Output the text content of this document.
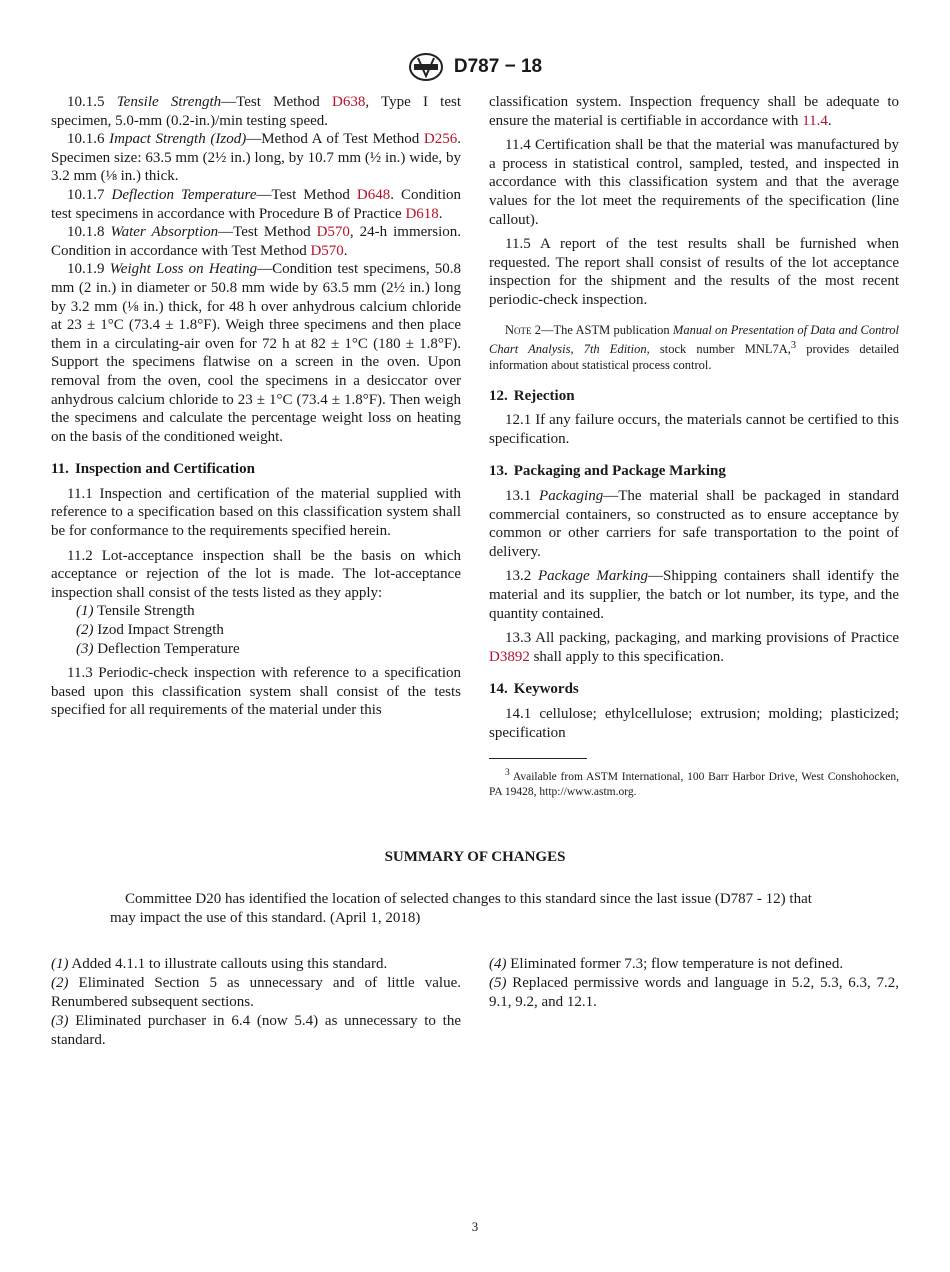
D787 − 18

10.1.5 Tensile Strength—Test Method D638, Type I test specimen, 5.0-mm (0.2-in.)/min testing speed.

10.1.6 Impact Strength (Izod)—Method A of Test Method D256. Specimen size: 63.5 mm (2½ in.) long, by 10.7 mm (½ in.) wide, by 3.2 mm (⅛ in.) thick.

10.1.7 Deflection Temperature—Test Method D648. Condition test specimens in accordance with Procedure B of Practice D618.

10.1.8 Water Absorption—Test Method D570, 24-h immersion. Condition in accordance with Test Method D570.

10.1.9 Weight Loss on Heating—Condition test specimens, 50.8 mm (2 in.) in diameter or 50.8 mm wide by 63.5 mm (2½ in.) long by 3.2 mm (⅛ in.) thick, for 48 h over anhydrous calcium chloride at 23 ± 1°C (73.4 ± 1.8°F). Weigh three specimens and then place them in a circulating-air oven for 72 h at 82 ± 1°C (180 ± 1.8°F). Support the specimens flatwise on a screen in the oven. Upon removal from the oven, cool the specimens in a desiccator over anhydrous calcium chloride to 23 ± 1°C (73.4 ± 1.8°F). Then weigh the specimens and calculate the percentage weight loss on heating on the basis of the conditioned weight.

11. Inspection and Certification

11.1 Inspection and certification of the material supplied with reference to a specification based on this classification system shall be for conformance to the requirements specified herein.

11.2 Lot-acceptance inspection shall be the basis on which acceptance or rejection of the lot is made. The lot-acceptance inspection shall consist of the tests listed as they apply:

(1) Tensile Strength
(2) Izod Impact Strength
(3) Deflection Temperature

11.3 Periodic-check inspection with reference to a specification based upon this classification system shall consist of the tests specified for all requirements of the material under this

classification system. Inspection frequency shall be adequate to ensure the material is certifiable in accordance with 11.4.

11.4 Certification shall be that the material was manufactured by a process in statistical control, sampled, tested, and inspected in accordance with this classification system and that the average values for the lot meet the requirements of the specification (line callout).

11.5 A report of the test results shall be furnished when requested. The report shall consist of results of the lot acceptance inspection for the shipment and the results of the most recent periodic-check inspection.

Note 2—The ASTM publication Manual on Presentation of Data and Control Chart Analysis, 7th Edition, stock number MNL7A,$^3$ provides detailed information about statistical process control.

12. Rejection

12.1 If any failure occurs, the materials cannot be certified to this specification.

13. Packaging and Package Marking

13.1 Packaging—The material shall be packaged in standard commercial containers, so constructed as to ensure acceptance by common or other carriers for safe transportation to the point of delivery.

13.2 Package Marking—Shipping containers shall identify the material and its supplier, the batch or lot number, its type, and the quantity contained.

13.3 All packing, packaging, and marking provisions of Practice D3892 shall apply to this specification.

14. Keywords

14.1 cellulose; ethylcellulose; extrusion; molding; plasticized; specification

$^3$ Available from ASTM International, 100 Barr Harbor Drive, West Conshohocken, PA 19428, http://www.astm.org.

SUMMARY OF CHANGES
Committee D20 has identified the location of selected changes to this standard since the last issue (D787 - 12) that may impact the use of this standard. (April 1, 2018)

(1) Added 4.1.1 to illustrate callouts using this standard.

(2) Eliminated Section 5 as unnecessary and of little value. Renumbered subsequent sections.

(3) Eliminated purchaser in 6.4 (now 5.4) as unnecessary to the standard.

(4) Eliminated former 7.3; flow temperature is not defined.

(5) Replaced permissive words and language in 5.2, 5.3, 6.3, 7.2, 9.1, 9.2, and 12.1.

3
